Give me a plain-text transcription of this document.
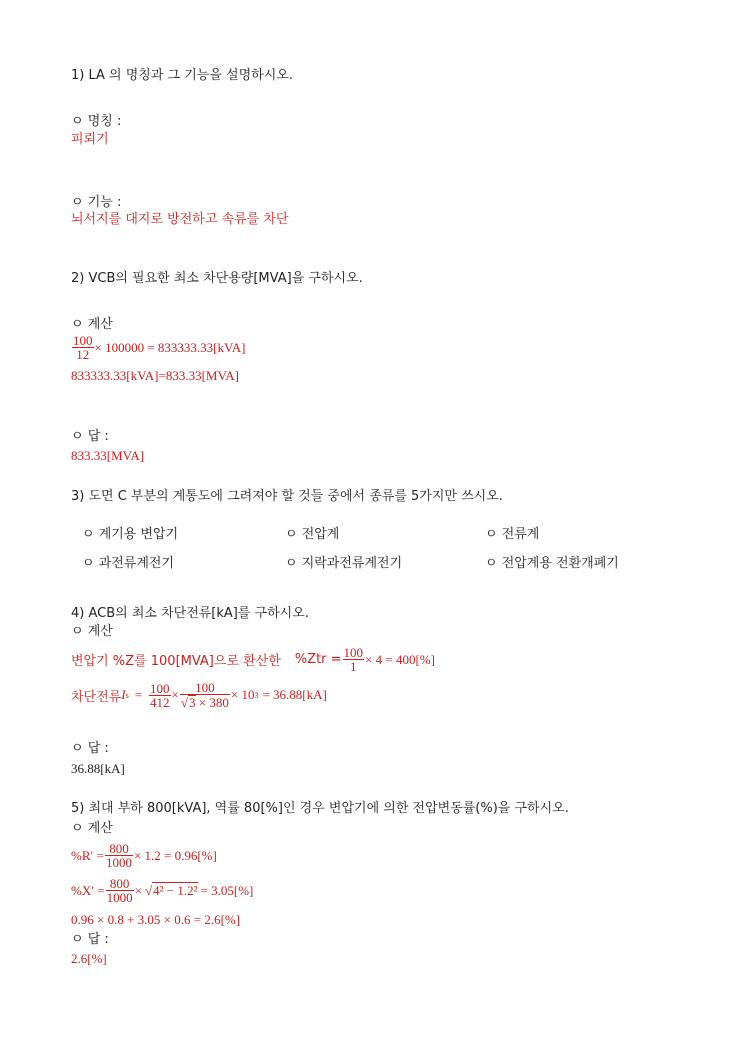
1) LA 의 명칭과 그 기능을 설명하시오.
ㅇ 명칭 :
피뢰기
ㅇ 기능 :
뇌서지를 대지로 방전하고 속류를 차단
2) VCB의 필요한 최소 차단용량[MVA]을 구하시오.
ㅇ 계산
$\frac{100}{12} \times 100000 = 833333.33[kVA]$
833333.33[kVA]=833.33[MVA]
ㅇ 답 :
833.33[MVA]
3) 도면 C 부분의 계통도에 그려져야 할 것들 중에서 종류를 5가지만 쓰시오.
ㅇ 계기용 변압기	ㅇ 전압계	ㅇ 전류계
ㅇ 과전류계전기	ㅇ 지락과전류계전기	ㅇ 전압계용 전환개폐기
4) ACB의 최소 차단전류[kA]를 구하시오.
ㅇ 계산
변압기 %Z를 100[MVA]으로 환산한 $\%Ztr = \frac{100}{1} \times 4 = 400[\%]$
차단전류 I $s = \frac{100}{412} \times \frac{100}{√3 \times 380} \times 10$ 3 = 36.88[kA]
ㅇ 답 :
36.88[kA]
5) 최대 부하 800[kVA], 역률 80[%]인 경우 변압기에 의한 전압변동률(%)을 구하시오.
ㅇ 계산
$\%R' = \frac{800}{1000} \times 1.2 = 0.96[\%]$
$\%X' = \frac{800}{1000} \times √4^2 - 1.2^2 = 3.05[\%]$
0.96 × 0.8 + 3.05 × 0.6 = 2.6[%]
ㅇ 답 :
2.6[%]
